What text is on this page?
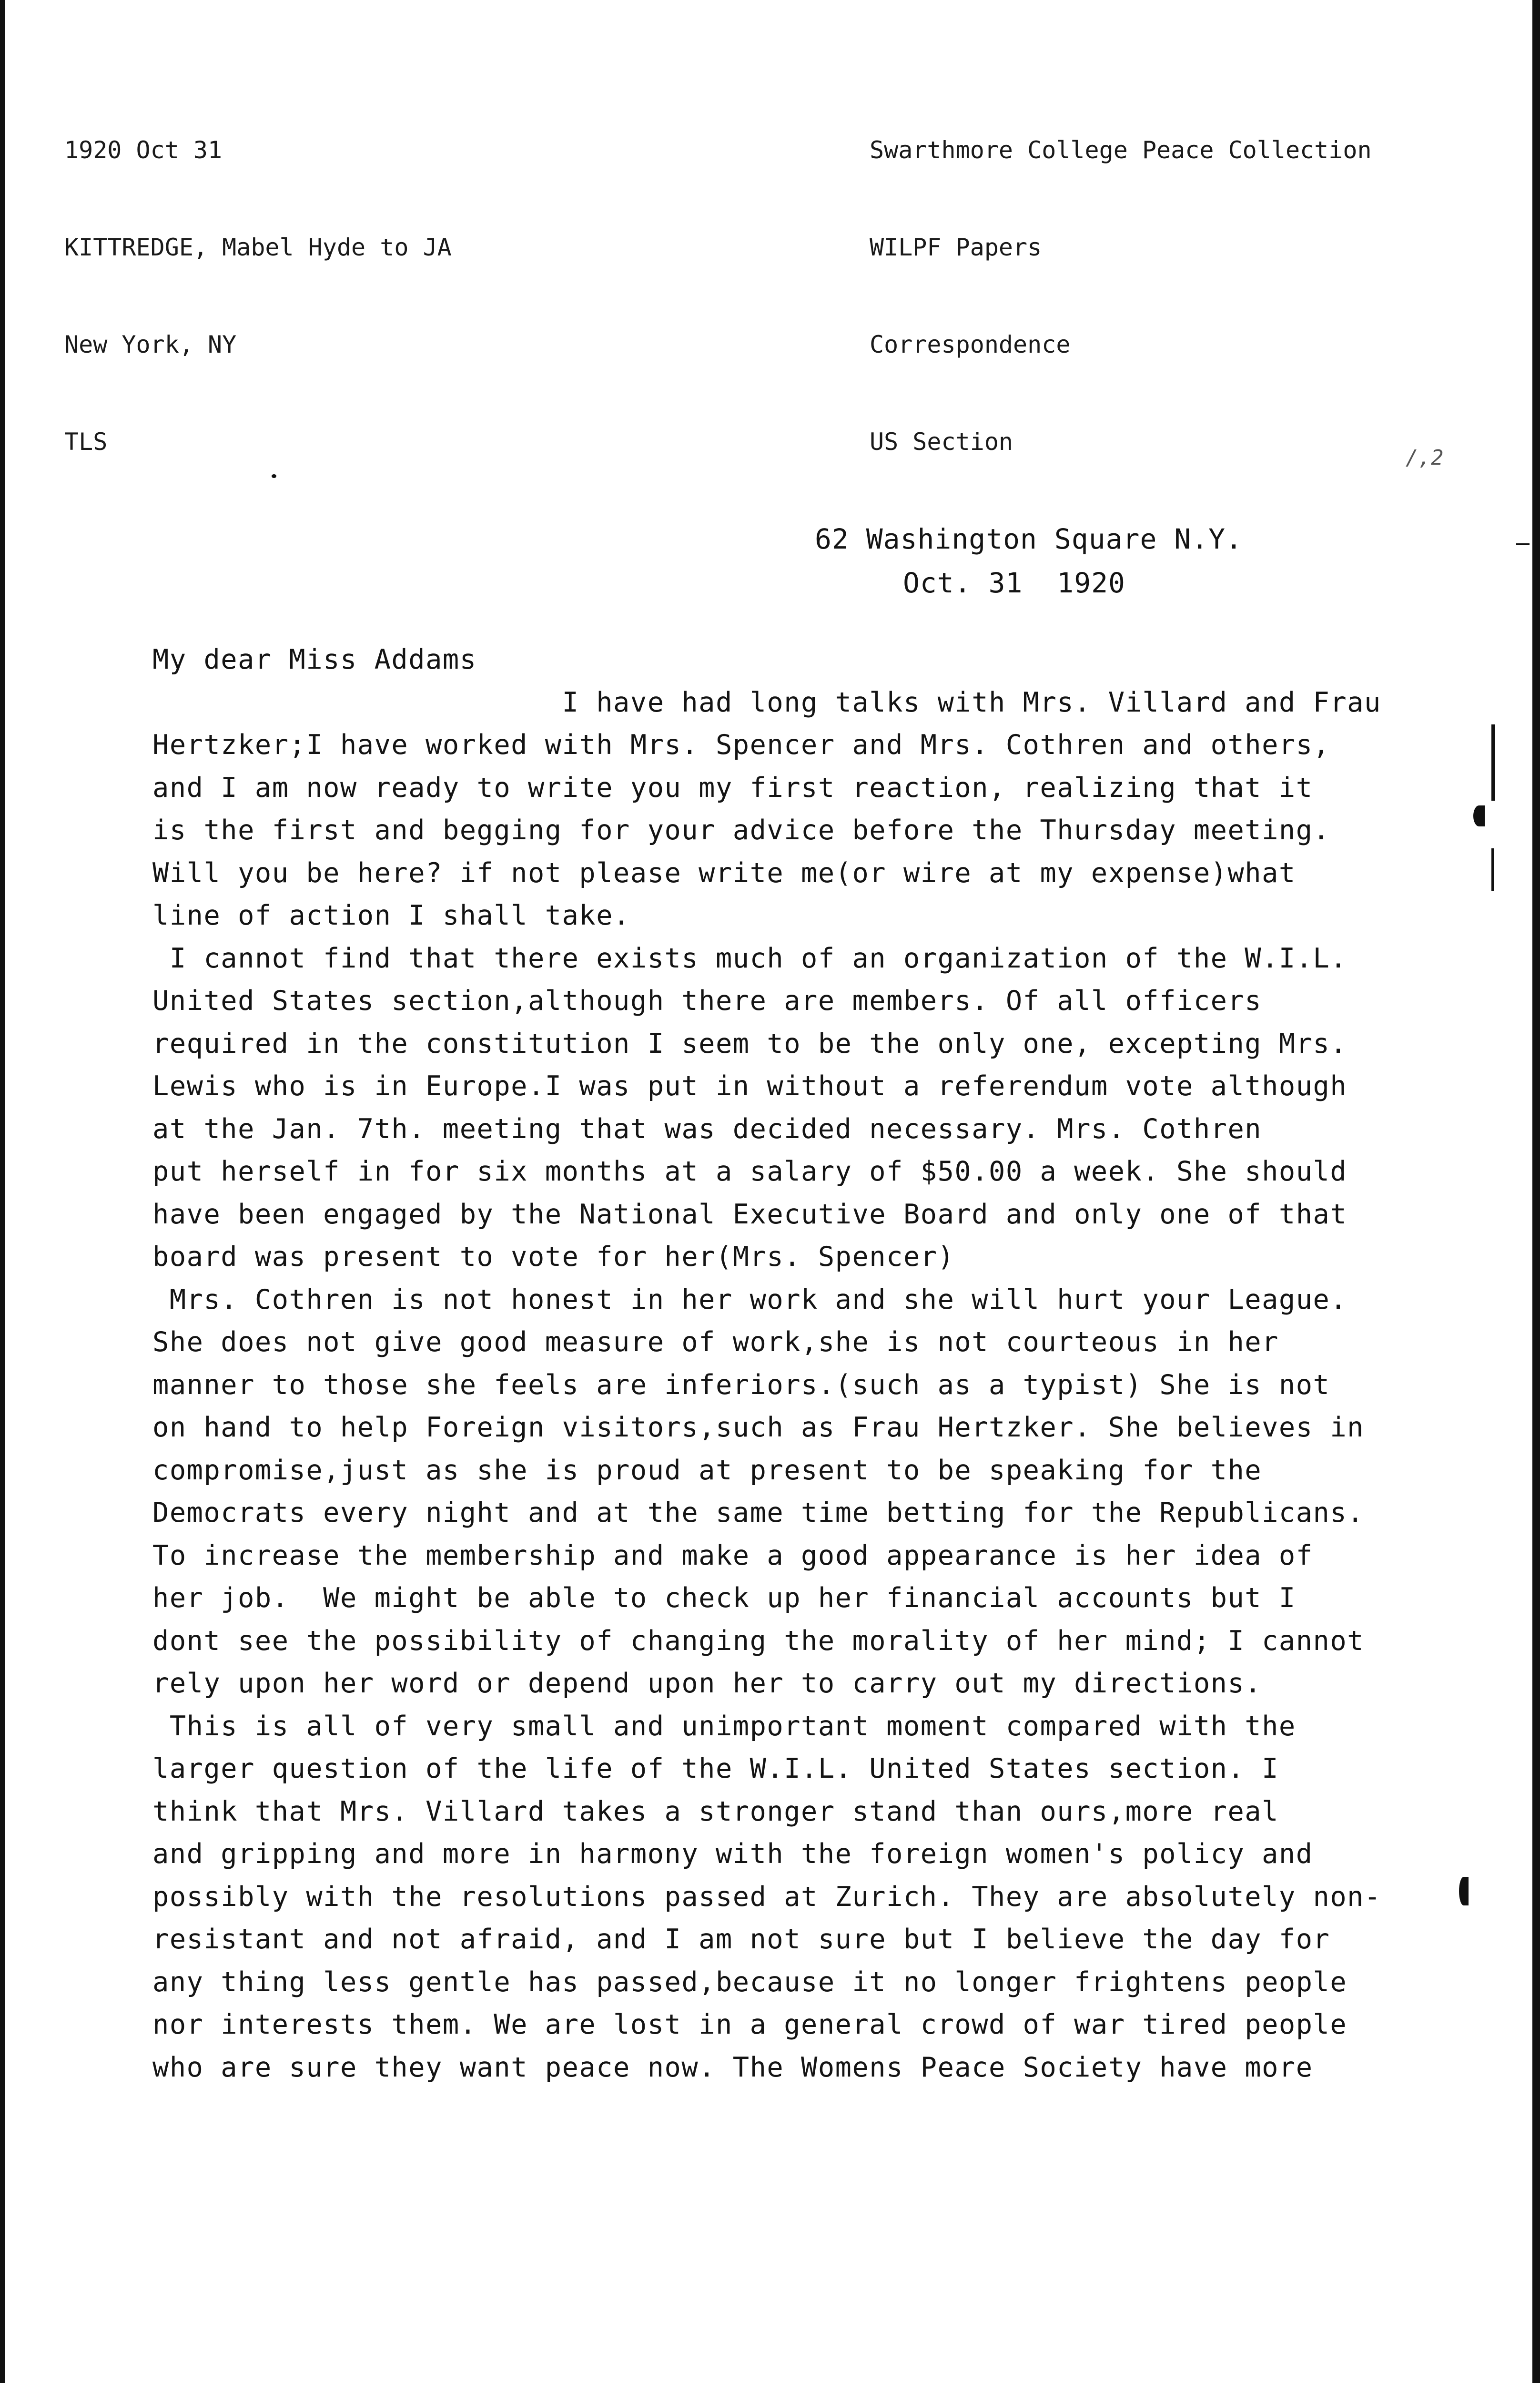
1920 Oct 31

KITTREDGE, Mabel Hyde to JA

New York, NY

TLS

Swarthmore College Peace Collection

WILPF Papers

Correspondence

US Section

/,2
62 Washington Square N.Y.
Oct. 31  1920
My dear Miss Addams
I have had long talks with Mrs. Villard and Frau
Hertzker;I have worked with Mrs. Spencer and Mrs. Cothren and others,
and I am now ready to write you my first reaction, realizing that it
is the first and begging for your advice before the Thursday meeting.
Will you be here? if not please write me(or wire at my expense)what
line of action I shall take.
I cannot find that there exists much of an organization of the W.I.L.
United States section,although there are members. Of all officers
required in the constitution I seem to be the only one, excepting Mrs.
Lewis who is in Europe.I was put in without a referendum vote although
at the Jan. 7th. meeting that was decided necessary. Mrs. Cothren
put herself in for six months at a salary of $50.00 a week. She should
have been engaged by the National Executive Board and only one of that
board was present to vote for her(Mrs. Spencer)
Mrs. Cothren is not honest in her work and she will hurt your League.
She does not give good measure of work,she is not courteous in her
manner to those she feels are inferiors.(such as a typist) She is not
on hand to help Foreign visitors,such as Frau Hertzker. She believes in
compromise,just as she is proud at present to be speaking for the
Democrats every night and at the same time betting for the Republicans.
To increase the membership and make a good appearance is her idea of
her job.  We might be able to check up her financial accounts but I
dont see the possibility of changing the morality of her mind; I cannot
rely upon her word or depend upon her to carry out my directions.
This is all of very small and unimportant moment compared with the
larger question of the life of the W.I.L. United States section. I
think that Mrs. Villard takes a stronger stand than ours,more real
and gripping and more in harmony with the foreign women's policy and
possibly with the resolutions passed at Zurich. They are absolutely non-
resistant and not afraid, and I am not sure but I believe the day for
any thing less gentle has passed,because it no longer frightens people
nor interests them. We are lost in a general crowd of war tired people
who are sure they want peace now. The Womens Peace Society have more
